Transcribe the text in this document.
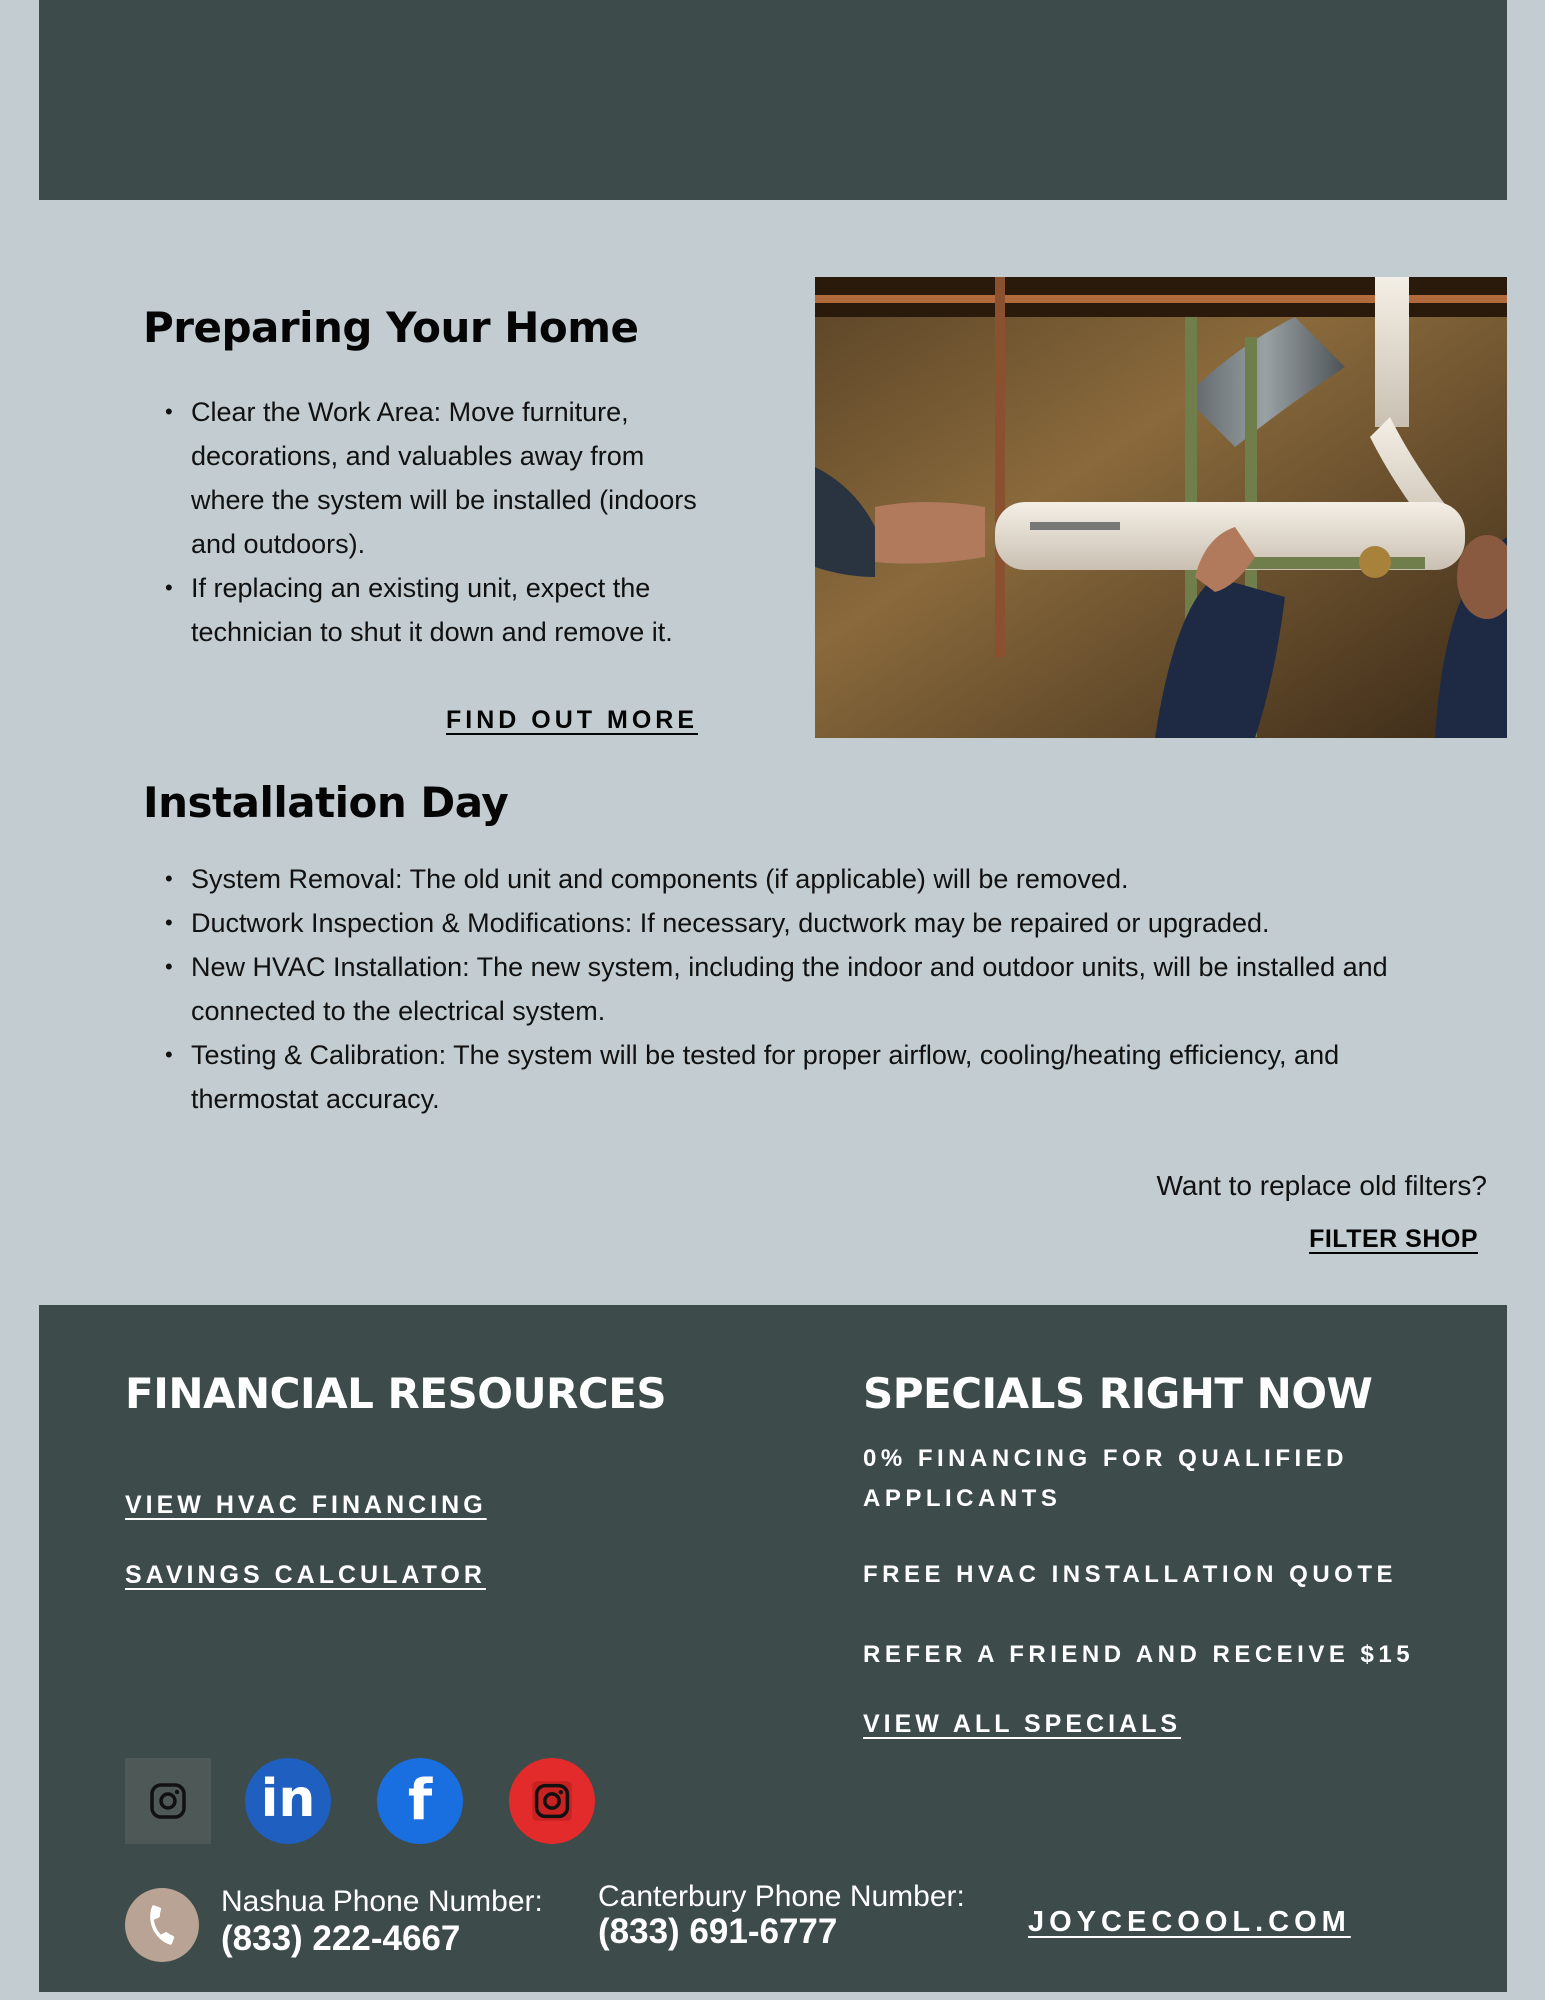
Preparing Your Home
• Clear the Work Area: Move furniture, decorations, and valuables away from where the system will be installed (indoors and outdoors).
• If replacing an existing unit, expect the technician to shut it down and remove it.
FIND OUT MORE
Installation Day
• System Removal: The old unit and components (if applicable) will be removed.
• Ductwork Inspection & Modifications: If necessary, ductwork may be repaired or upgraded.
• New HVAC Installation: The new system, including the indoor and outdoor units, will be installed and connected to the electrical system.
• Testing & Calibration: The system will be tested for proper airflow, cooling/heating efficiency, and thermostat accuracy.
Want to replace old filters?
FILTER SHOP
FINANCIAL RESOURCES
VIEW HVAC FINANCING
SAVINGS CALCULATOR
SPECIALS RIGHT NOW
0% FINANCING FOR QUALIFIED APPLICANTS
FREE HVAC INSTALLATION QUOTE
REFER A FRIEND AND RECEIVE $15
VIEW ALL SPECIALS
in f
Nashua Phone Number:
(833) 222-4667
Canterbury Phone Number:
(833) 691-6777	JOYCECOOL.COM
